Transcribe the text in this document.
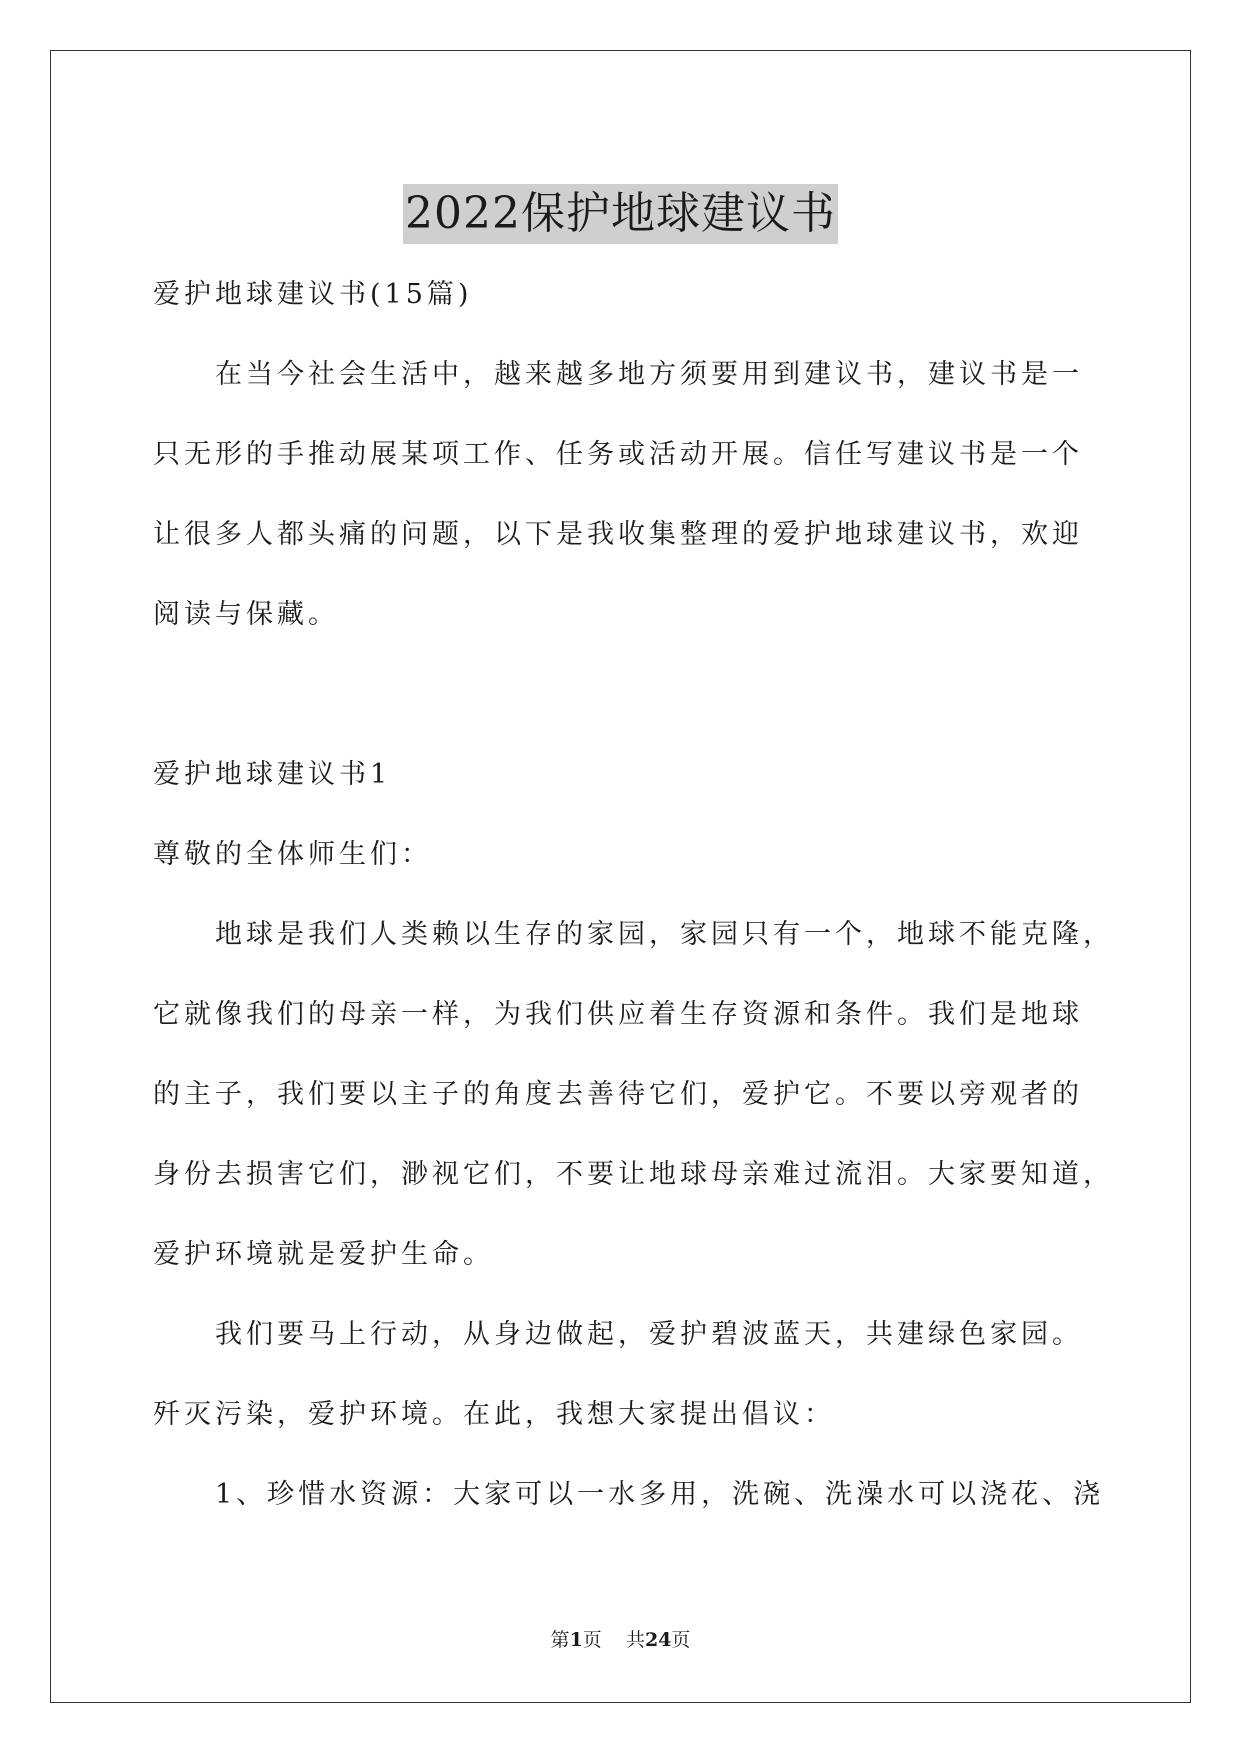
2022保护地球建议书

爱护地球建议书(15篇)

在当今社会生活中，越来越多地方须要用到建议书，建议书是一

只无形的手推动展某项工作、任务或活动开展。信任写建议书是一个

让很多人都头痛的问题，以下是我收集整理的爱护地球建议书，欢迎

阅读与保藏。

爱护地球建议书1

尊敬的全体师生们：

地球是我们人类赖以生存的家园，家园只有一个，地球不能克隆，

它就像我们的母亲一样，为我们供应着生存资源和条件。我们是地球

的主子，我们要以主子的角度去善待它们，爱护它。不要以旁观者的

身份去损害它们，渺视它们，不要让地球母亲难过流泪。大家要知道，

爱护环境就是爱护生命。

我们要马上行动，从身边做起，爱护碧波蓝天，共建绿色家园。

歼灭污染，爱护环境。在此，我想大家提出倡议：

1、珍惜水资源：大家可以一水多用，洗碗、洗澡水可以浇花、浇

第1页    共24页
